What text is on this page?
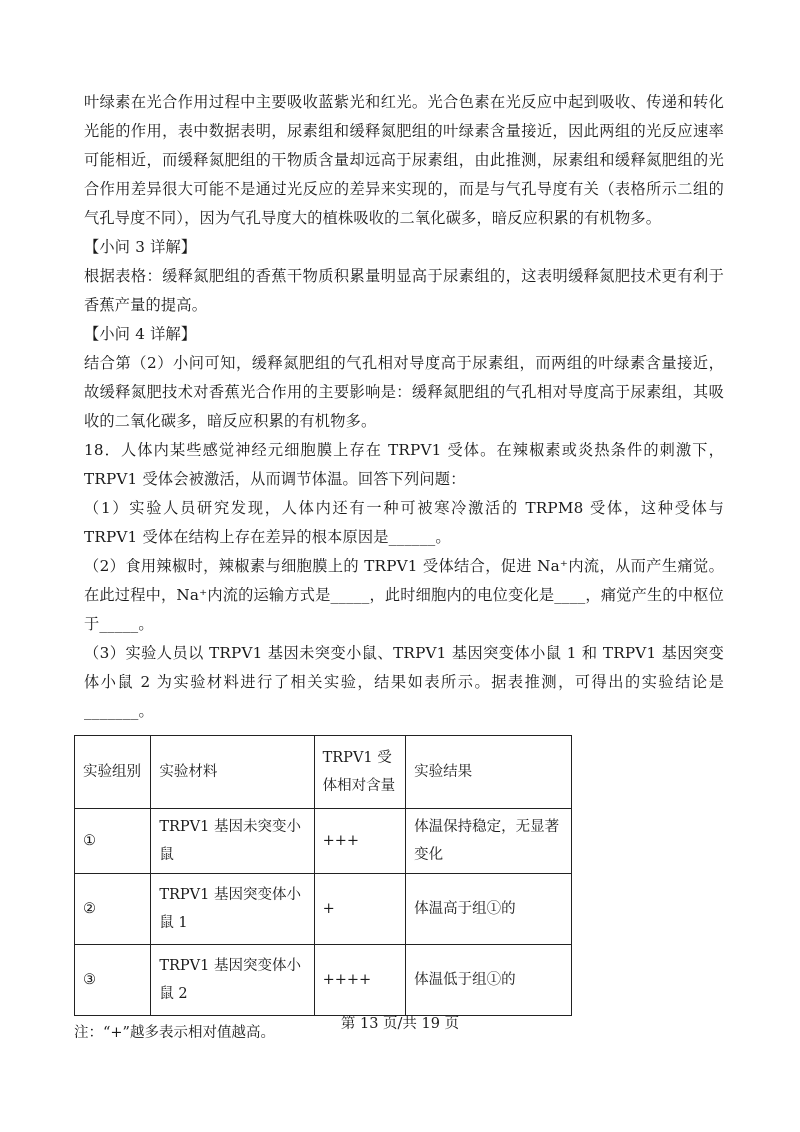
叶绿素在光合作用过程中主要吸收蓝紫光和红光。光合色素在光反应中起到吸收、传递和转化光能的作用，表中数据表明，尿素组和缓释氮肥组的叶绿素含量接近，因此两组的光反应速率可能相近，而缓释氮肥组的干物质含量却远高于尿素组，由此推测，尿素组和缓释氮肥组的光合作用差异很大可能不是通过光反应的差异来实现的，而是与气孔导度有关（表格所示二组的气孔导度不同），因为气孔导度大的植株吸收的二氧化碳多，暗反应积累的有机物多。

【小问 3 详解】

根据表格：缓释氮肥组的香蕉干物质积累量明显高于尿素组的，这表明缓释氮肥技术更有利于香蕉产量的提高。

【小问 4 详解】

结合第（2）小问可知，缓释氮肥组的气孔相对导度高于尿素组，而两组的叶绿素含量接近，故缓释氮肥技术对香蕉光合作用的主要影响是：缓释氮肥组的气孔相对导度高于尿素组，其吸收的二氧化碳多，暗反应积累的有机物多。

18．人体内某些感觉神经元细胞膜上存在 TRPV1 受体。在辣椒素或炎热条件的刺激下，TRPV1 受体会被激活，从而调节体温。回答下列问题：

（1）实验人员研究发现，人体内还有一种可被寒冷激活的 TRPM8 受体，这种受体与 TRPV1 受体在结构上存在差异的根本原因是______。

（2）食用辣椒时，辣椒素与细胞膜上的 TRPV1 受体结合，促进 Na⁺内流，从而产生痛觉。在此过程中，Na⁺内流的运输方式是_____，此时细胞内的电位变化是____，痛觉产生的中枢位于_____。

（3）实验人员以 TRPV1 基因未突变小鼠、TRPV1 基因突变体小鼠 1 和 TRPV1 基因突变体小鼠 2 为实验材料进行了相关实验，结果如表所示。据表推测，可得出的实验结论是_______。

实验组别	实验材料	TRPV1 受体相对含量	实验结果
①	TRPV1 基因未突变小鼠	+++	体温保持稳定，无显著变化
②	TRPV1 基因突变体小鼠 1	+	体温高于组①的
③	TRPV1 基因突变体小鼠 2	++++	体温低于组①的
注：“+”越多表示相对值越高。
第 13 页/共 19 页
